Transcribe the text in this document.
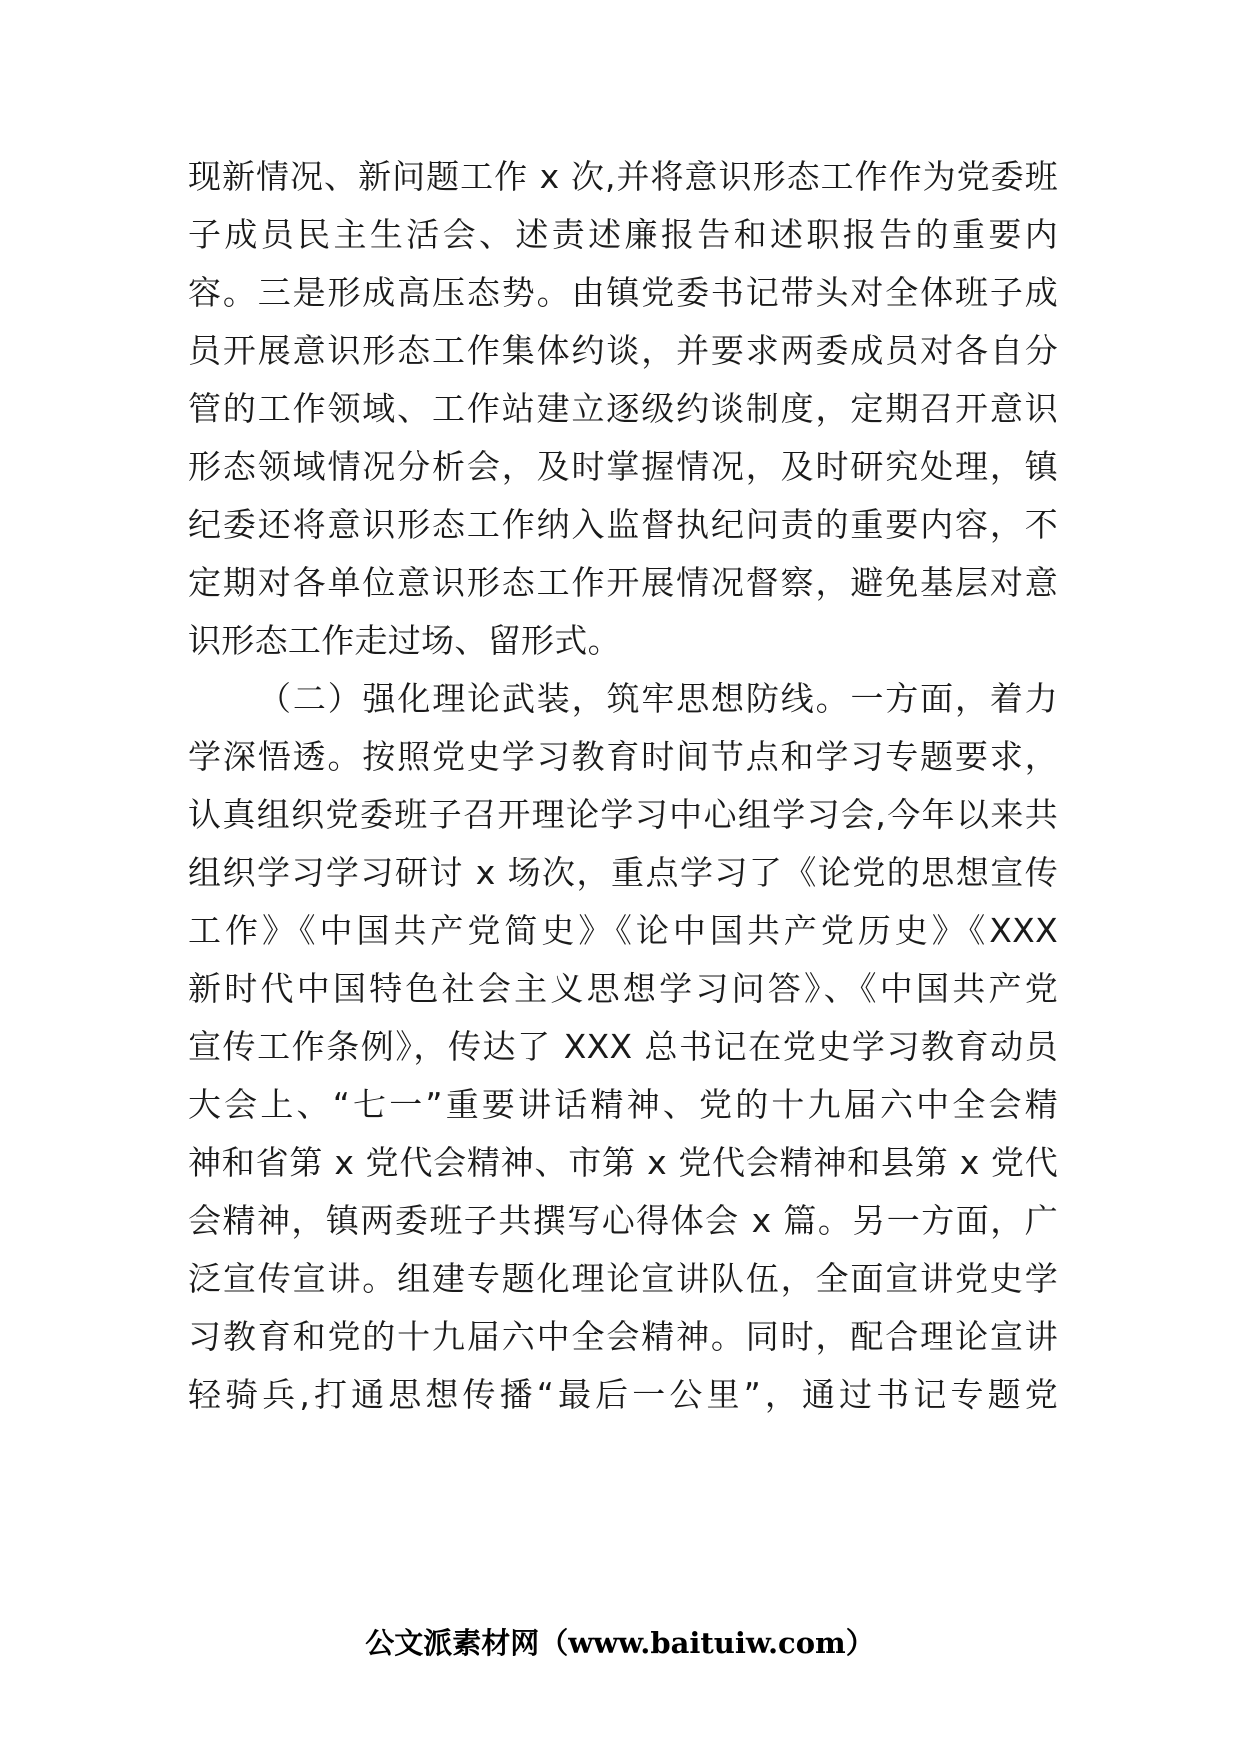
现新情况、新问题工作 x 次,并将意识形态工作作为党委班
子成员民主生活会、述责述廉报告和述职报告的重要内
容。三是形成高压态势。由镇党委书记带头对全体班子成
员开展意识形态工作集体约谈，并要求两委成员对各自分
管的工作领域、工作站建立逐级约谈制度，定期召开意识
形态领域情况分析会，及时掌握情况，及时研究处理，镇
纪委还将意识形态工作纳入监督执纪问责的重要内容，不
定期对各单位意识形态工作开展情况督察，避免基层对意
识形态工作走过场、留形式。
（二）强化理论武装，筑牢思想防线。一方面，着力
学深悟透。按照党史学习教育时间节点和学习专题要求，
认真组织党委班子召开理论学习中心组学习会,今年以来共
组织学习学习研讨 x 场次，重点学习了《论党的思想宣传
工作》《中国共产党简史》《论中国共产党历史》《XXX
新时代中国特色社会主义思想学习问答》、《中国共产党
宣传工作条例》，传达了 XXX 总书记在党史学习教育动员
大会上、“七一”重要讲话精神、党的十九届六中全会精
神和省第 x 党代会精神、市第 x 党代会精神和县第 x 党代
会精神，镇两委班子共撰写心得体会 x 篇。另一方面，广
泛宣传宣讲。组建专题化理论宣讲队伍，全面宣讲党史学
习教育和党的十九届六中全会精神。同时，配合理论宣讲
轻骑兵,打通思想传播“最后一公里”，通过书记专题党
公文派素材网（www.baituiw.com）
